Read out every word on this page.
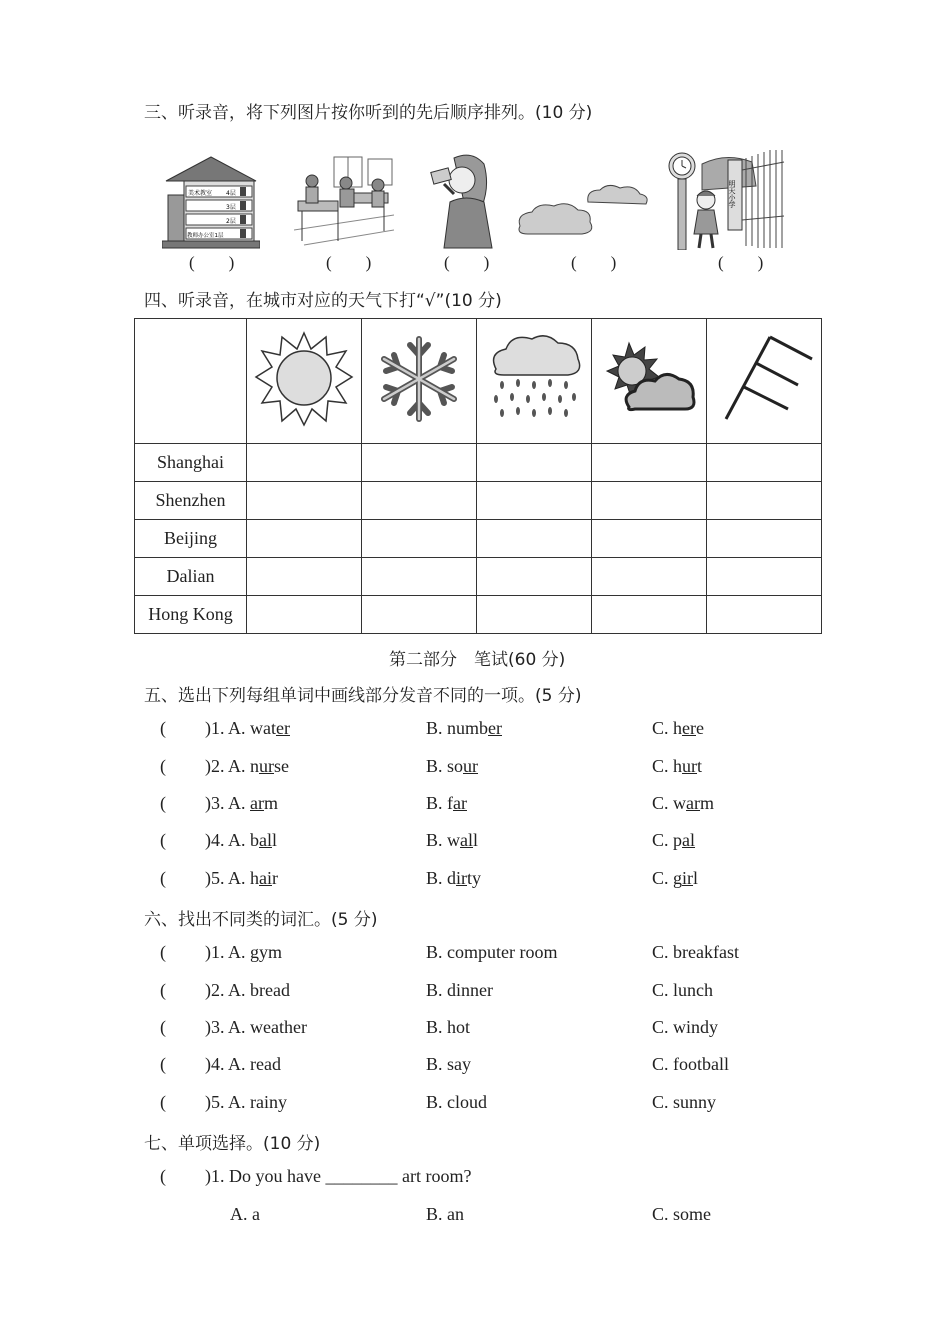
三、听录音，将下列图片按你听到的先后顺序排列。(10 分)
美术教室 4层
3层
2层
教师办公室1层
明天小学
(　　)	(　　)	(　　)	(　　)	(　　)
四、听录音，在城市对应的天气下打“√”(10 分)

Shanghai					
Shenzhen					
Beijing					
Dalian					
Hong Kong					
第二部分　笔试(60 分)
五、选出下列每组单词中画线部分发音不同的一项。(5 分)
( )1. A. water	B. number	C. here
( )2. A. nurse	B. sour	C. hurt
( )3. A. arm	B. far	C. warm
( )4. A. ball	B. wall	C. pal
( )5. A. hair	B. dirty	C. girl
六、找出不同类的词汇。(5 分)
( )1. A. gym	B. computer room	C. breakfast
( )2. A. bread	B. dinner	C. lunch
( )3. A. weather	B. hot	C. windy
( )4. A. read	B. say	C. football
( )5. A. rainy	B. cloud	C. sunny
七、单项选择。(10 分)
( )1. Do you have ________ art room?
A. a	B. an	C. some
